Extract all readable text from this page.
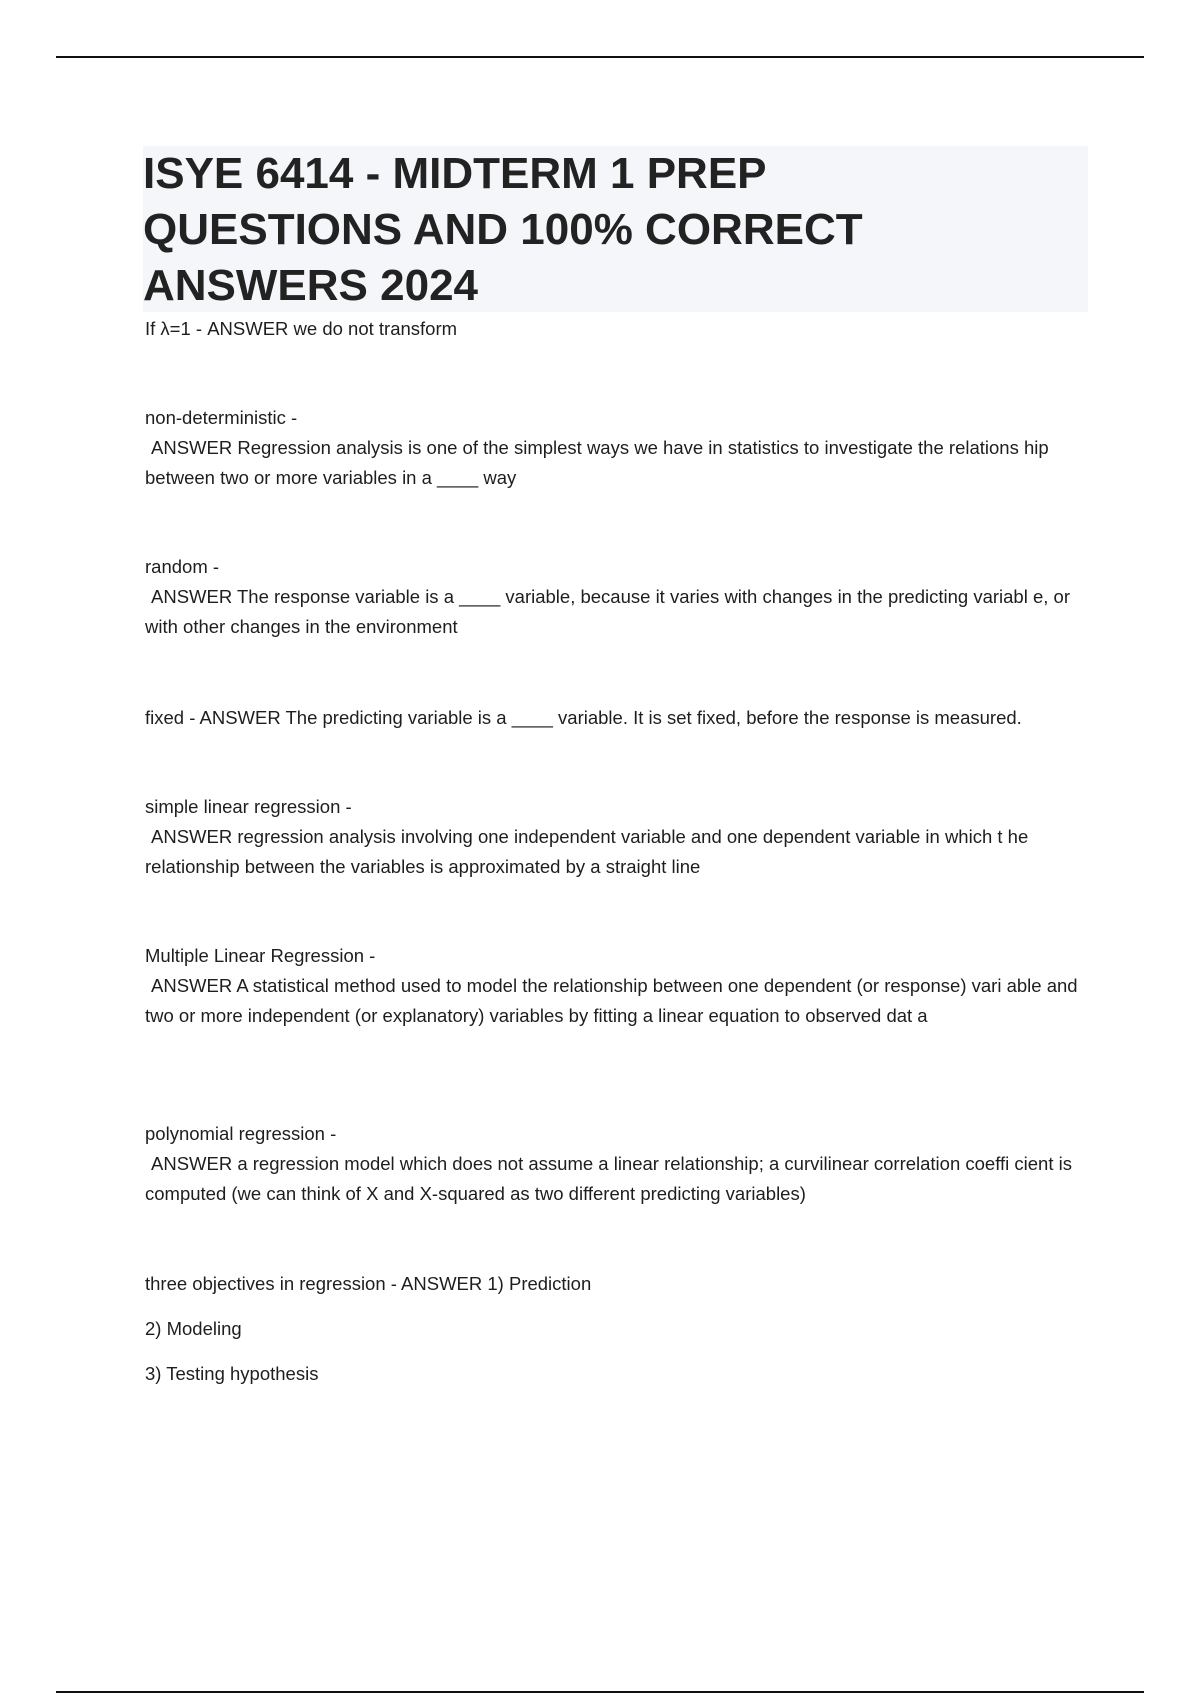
ISYE 6414 - MIDTERM 1 PREP
QUESTIONS AND 100% CORRECT
ANSWERS 2024

If λ=1 - ANSWER we do not transform

non-deterministic -
ANSWER Regression analysis is one of the simplest ways we have in statistics to investigate the relations hip between two or more variables in a ____ way

random -
ANSWER The response variable is a ____ variable, because it varies with changes in the predicting variabl e, or with other changes in the environment

fixed - ANSWER The predicting variable is a ____ variable. It is set fixed, before the response is measured.

simple linear regression -
ANSWER regression analysis involving one independent variable and one dependent variable in which t he relationship between the variables is approximated by a straight line

Multiple Linear Regression -
ANSWER A statistical method used to model the relationship between one dependent (or response) vari able and two or more independent (or explanatory) variables by fitting a linear equation to observed dat a

polynomial regression -
ANSWER a regression model which does not assume a linear relationship; a curvilinear correlation coeffi cient is computed (we can think of X and X-squared as two different predicting variables)

three objectives in regression - ANSWER 1) Prediction

2) Modeling

3) Testing hypothesis
